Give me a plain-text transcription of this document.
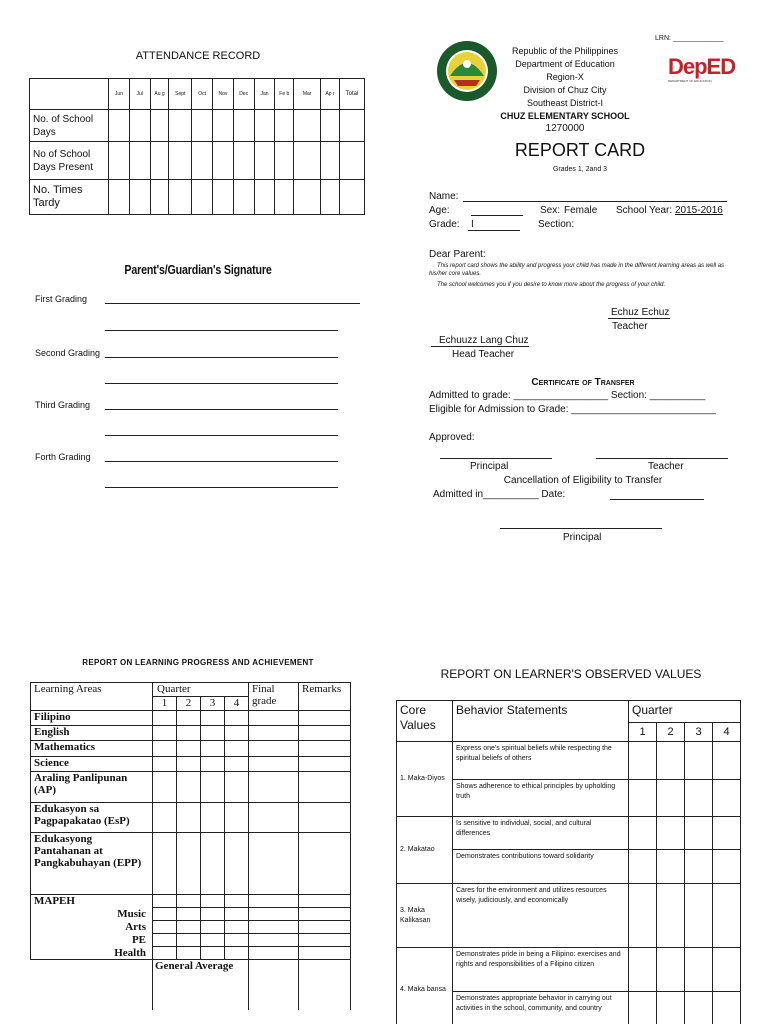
ATTENDANCE RECORD
	Jun	Jul	Au g	Sept	Oct	Nov	Dec	Jan	Fe b	Mar	Ap r	Total
No. of School Days												
No of School Days Present												
No. Times Tardy												
Parent's/Guardian's Signature
First Grading
Second Grading
Third Grading
Forth Grading
LRN: _____________
Republic of the Philippines
Department of Education
Region-X
Division of Chuz City
Southeast District-I
DepED
DEPARTMENT OF EDUCATION
CHUZ ELEMENTARY SCHOOL
1270000
REPORT CARD
Grades 1, 2and 3
Name:
Age:	Sex: Female School Year: 2015-2016
Grade: I	Section:
Dear Parent:
This report card shows the ability and progress your child has made in the different learning areas as well as his/her core values.
The school welcomes you if you desire to know more about the progress of your child.
Echuz Echuz
Teacher
Echuuzz Lang Chuz
Head Teacher
Certificate of Transfer
Admitted to grade: _________________ Section: __________
Eligible for Admission to Grade: __________________________
Approved:
Principal	Teacher
Cancellation of Eligibility to Transfer
Admitted in__________ Date:
Principal
REPORT ON LEARNING PROGRESS AND ACHIEVEMENT
Learning Areas	Quarter				Final grade	Remarks
	1	2	3	4		
Filipino						
English						
Mathematics						
Science						
Araling Panlipunan (AP)						
Edukasyon sa Pagpapakatao (EsP)						
Edukasyong Pantahanan at Pangkabuhayan (EPP)						
MAPEH						
Music						
Arts						
PE						
Health						
	General Average					
REPORT ON LEARNER'S OBSERVED VALUES
Core Values	Behavior Statements	Quarter			
		1	2	3	4
1. Maka-Diyos	Express one's spiritual beliefs while respecting the spiritual beliefs of others				
	Shows adherence to ethical principles by upholding truth				
2. Makatao	Is sensitive to individual, social, and cultural differences				
	Demonstrates contributions toward solidarity				
3. Maka Kalikasan	Cares for the environment and utilizes resources wisely, judiciously, and economically				
4. Maka bansa	Demonstrates pride in being a Filipino: exercises and rights and responsibilities of a Filipino citizen				
	Demonstrates appropriate behavior in carrying out activities in the school, community, and country				
